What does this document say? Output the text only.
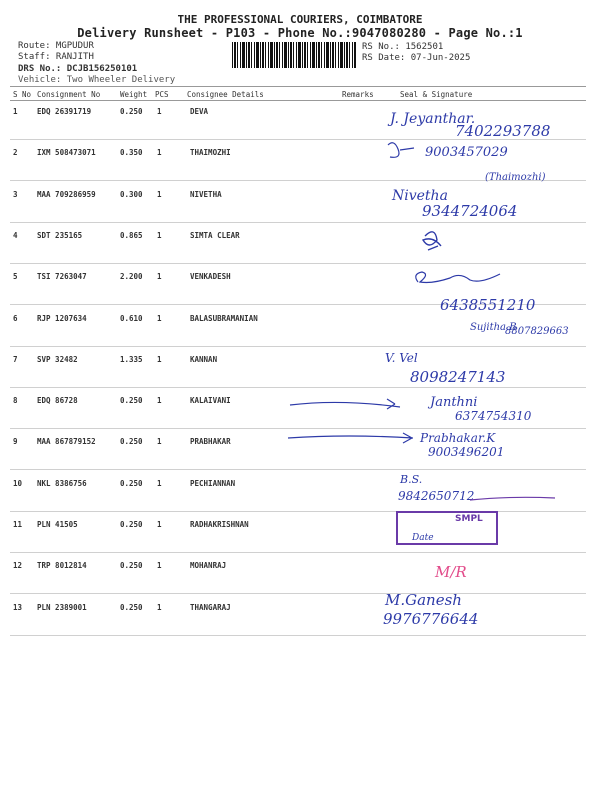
THE PROFESSIONAL COURIERS, COIMBATORE
Delivery Runsheet - P103 - Phone No.:9047080280 - Page No.:1
Route: MGPUDUR
Staff: RANJITH
DRS No.: DCJB156250101
Vehicle: Two Wheeler Delivery
RS No.: 1562501
RS Date: 07-Jun-2025
S No Consignment No	Weight PCS Consignee Details	Remarks	Seal & Signature
1	EDQ 26391719	0.250 1	DEVA
2	IXM 508473071	0.350 1	THAIMOZHI
3	MAA 709286959	0.300 1	NIVETHA
4	SDT 235165	0.865 1	SIMTA CLEAR
5	TSI 7263047	2.200 1	VENKADESH
6	RJP 1207634	0.610 1	BALASUBRAMANIAN
7	SVP 32482	1.335 1	KANNAN
8	EDQ 86728	0.250 1	KALAIVANI
9	MAA 867879152	0.250 1	PRABHAKAR
10 NKL 8386756	0.250 1	PECHIANNAN
11 PLN 41505	0.250 1	RADHAKRISHNAN
12 TRP 8012814	0.250 1	MOHANRAJ
13 PLN 2389001	0.250 1	THANGARAJ
J. Jeyanthar.
7402293788
9003457029
(Thaimozhi)
Nivetha
9344724064
6438551210
Sujitha.B
8807829663
V. Vel
8098247143
Janthni
6374754310
Prabhakar.K
9003496201
B.S.
9842650712
SMPL
Date
M/R
M.Ganesh
9976776644
